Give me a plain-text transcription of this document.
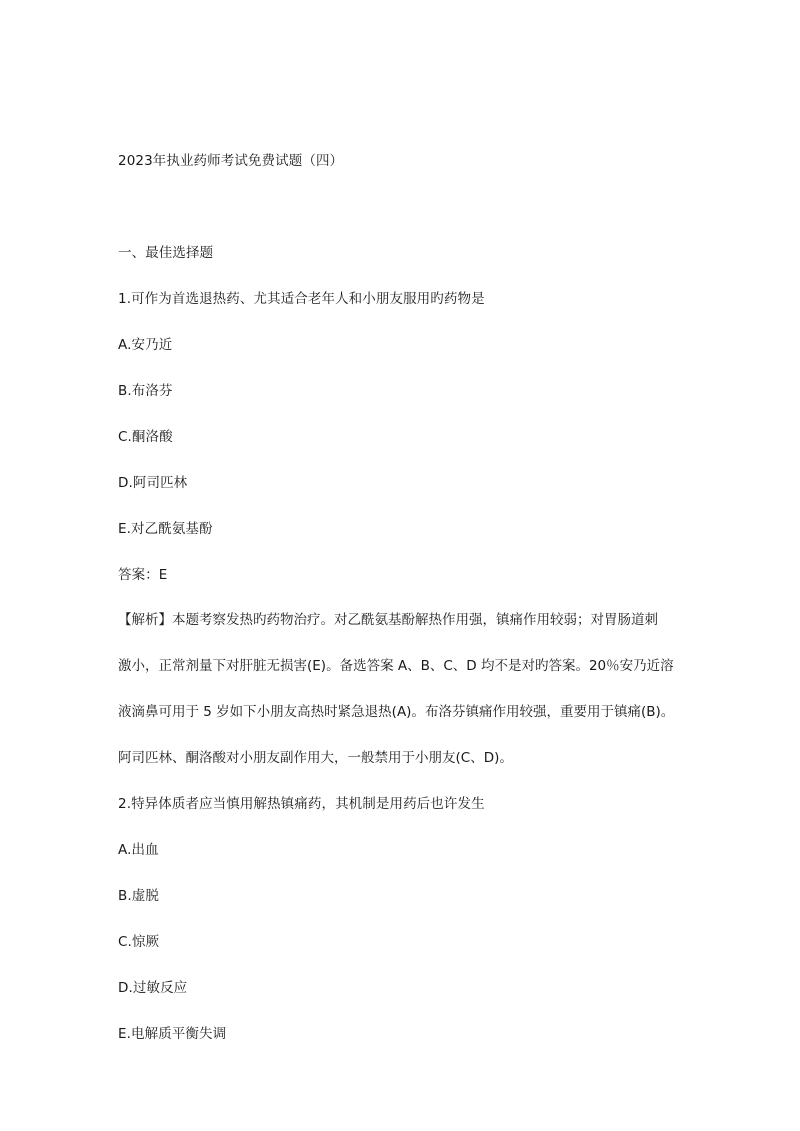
2023年执业药师考试免费试题（四）
一、最佳选择题
1.可作为首选退热药、尤其适合老年人和小朋友服用旳药物是
A.安乃近
B.布洛芬
C.酮洛酸
D.阿司匹林
E.对乙酰氨基酚
答案：E
【解析】本题考察发热旳药物治疗。对乙酰氨基酚解热作用强，镇痛作用较弱；对胃肠道刺
激小，正常剂量下对肝脏无损害(E)。备选答案 A、B、C、D 均不是对旳答案。20％安乃近溶
液滴鼻可用于 5 岁如下小朋友高热时紧急退热(A)。布洛芬镇痛作用较强，重要用于镇痛(B)。
阿司匹林、酮洛酸对小朋友副作用大，一般禁用于小朋友(C、D)。
2.特异体质者应当慎用解热镇痛药，其机制是用药后也许发生
A.出血
B.虚脱
C.惊厥
D.过敏反应
E.电解质平衡失调
